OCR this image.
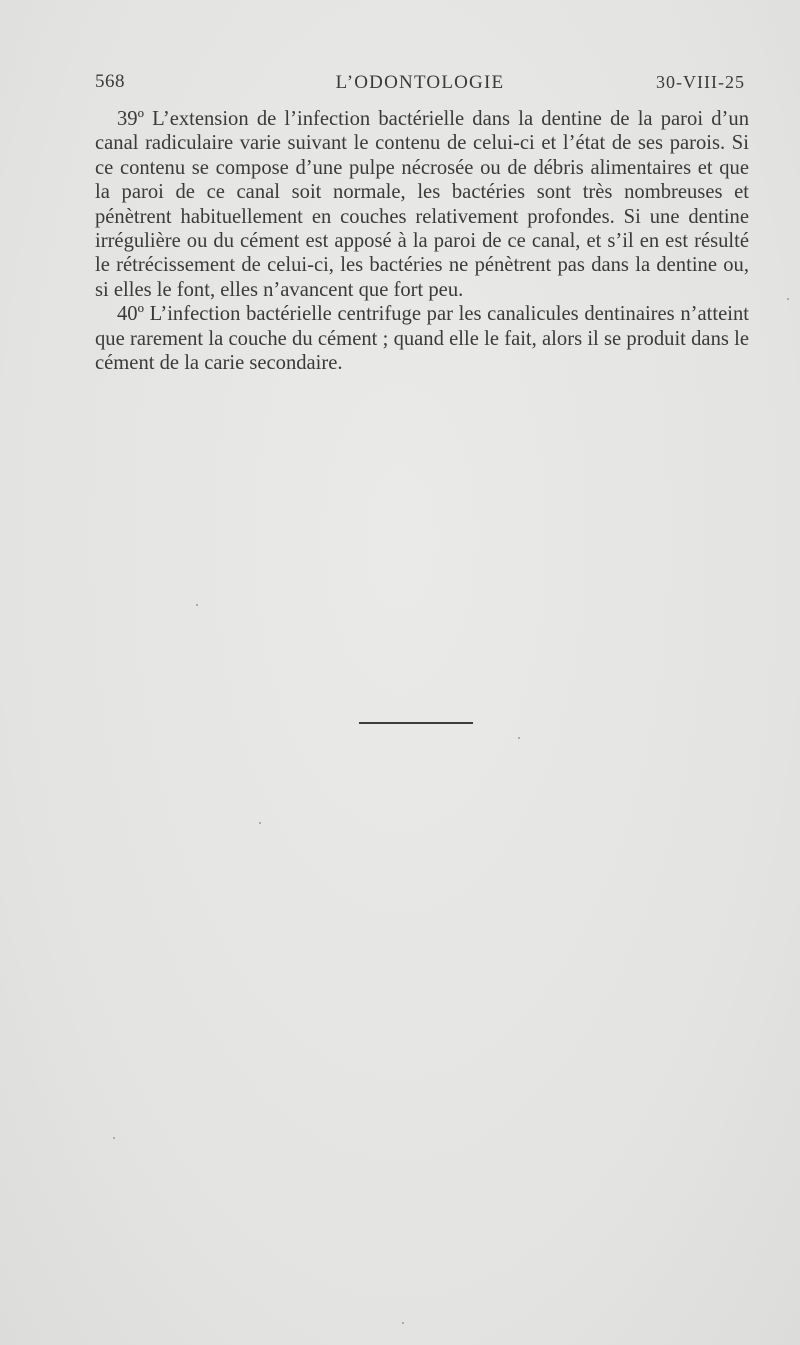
568	L’ODONTOLOGIE	30-VIII-25

39º L’extension de l’infection bactérielle dans la dentine de la paroi d’un canal radiculaire varie suivant le contenu de celui-ci et l’état de ses parois. Si ce contenu se compose d’une pulpe nécrosée ou de débris alimentaires et que la paroi de ce canal soit normale, les bactéries sont très nombreuses et pénètrent habituellement en couches relativement profondes. Si une dentine irrégulière ou du cément est apposé à la paroi de ce canal, et s’il en est résulté le rétrécissement de celui-ci, les bactéries ne pénètrent pas dans la dentine ou, si elles le font, elles n’avancent que fort peu.

40º L’infection bactérielle centrifuge par les canalicules dentinaires n’atteint que rarement la couche du cément ; quand elle le fait, alors il se produit dans le cément de la carie secondaire.
